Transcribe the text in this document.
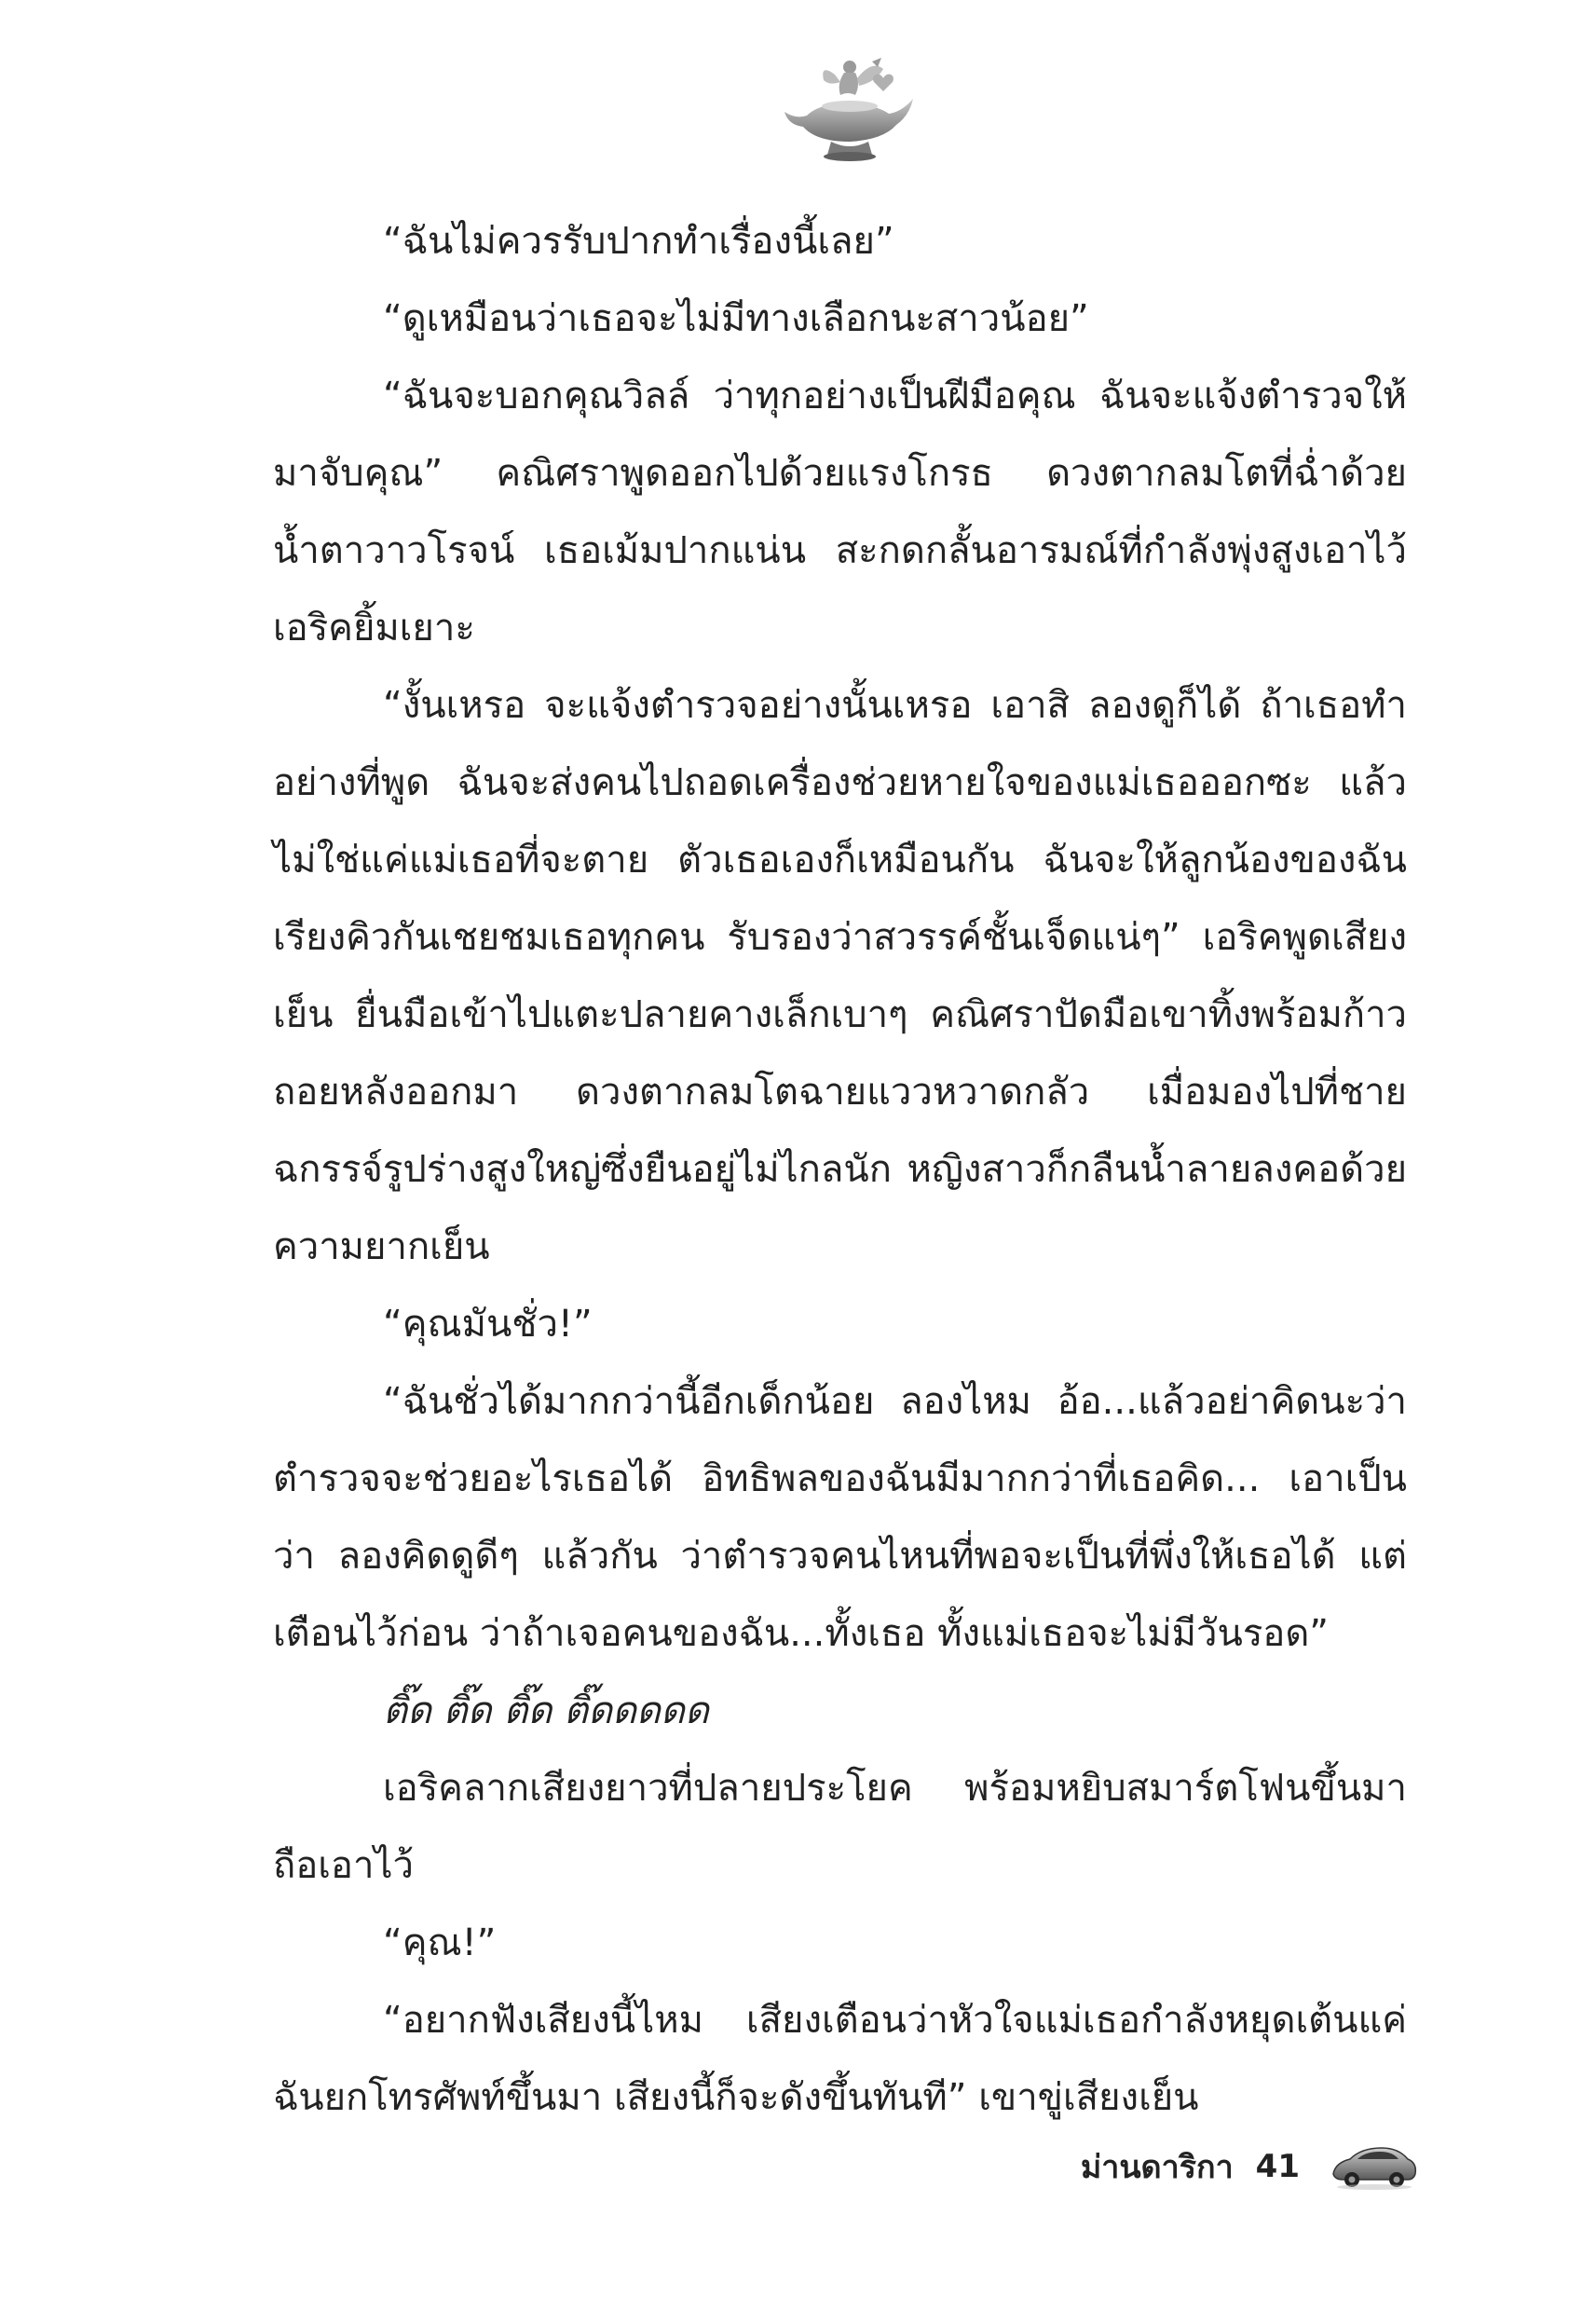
“ฉันไม่ควรรับปากทำเรื่องนี้เลย”

“ดูเหมือนว่าเธอจะไม่มีทางเลือกนะสาวน้อย”

“ฉันจะบอกคุณวิลล์ ว่าทุกอย่างเป็นฝีมือคุณ ฉันจะแจ้งตำรวจให้มาจับคุณ” คณิศราพูดออกไปด้วยแรงโกรธ ดวงตากลมโตที่ฉ่ำด้วยน้ำตาวาวโรจน์ เธอเม้มปากแน่น สะกดกลั้นอารมณ์ที่กำลังพุ่งสูงเอาไว้ เอริคยิ้มเยาะ

“งั้นเหรอ จะแจ้งตำรวจอย่างนั้นเหรอ เอาสิ ลองดูก็ได้ ถ้าเธอทำอย่างที่พูด ฉันจะส่งคนไปถอดเครื่องช่วยหายใจของแม่เธอออกซะ แล้วไม่ใช่แค่แม่เธอที่จะตาย ตัวเธอเองก็เหมือนกัน ฉันจะให้ลูกน้องของฉันเรียงคิวกันเชยชมเธอทุกคน รับรองว่าสวรรค์ชั้นเจ็ดแน่ๆ” เอริคพูดเสียงเย็น ยื่นมือเข้าไปแตะปลายคางเล็กเบาๆ คณิศราปัดมือเขาทิ้งพร้อมก้าวถอยหลังออกมา ดวงตากลมโตฉายแววหวาดกลัว เมื่อมองไปที่ชายฉกรรจ์รูปร่างสูงใหญ่ซึ่งยืนอยู่ไม่ไกลนัก หญิงสาวก็กลืนน้ำลายลงคอด้วยความยากเย็น

“คุณมันชั่ว!”

“ฉันชั่วได้มากกว่านี้อีกเด็กน้อย ลองไหม อ้อ...แล้วอย่าคิดนะว่าตำรวจจะช่วยอะไรเธอได้ อิทธิพลของฉันมีมากกว่าที่เธอคิด... เอาเป็นว่า ลองคิดดูดีๆ แล้วกัน ว่าตำรวจคนไหนที่พอจะเป็นที่พึ่งให้เธอได้ แต่เตือนไว้ก่อน ว่าถ้าเจอคนของฉัน...ทั้งเธอ ทั้งแม่เธอจะไม่มีวันรอด”

ติ๊ด ติ๊ด ติ๊ด ติ๊ดดดดด

เอริคลากเสียงยาวที่ปลายประโยค พร้อมหยิบสมาร์ตโฟนขึ้นมาถือเอาไว้

“คุณ!”

“อยากฟังเสียงนี้ไหม เสียงเตือนว่าหัวใจแม่เธอกำลังหยุดเต้นแค่ฉันยกโทรศัพท์ขึ้นมา เสียงนี้ก็จะดังขึ้นทันที” เขาขู่เสียงเย็น

ม่านดาริกา 41
